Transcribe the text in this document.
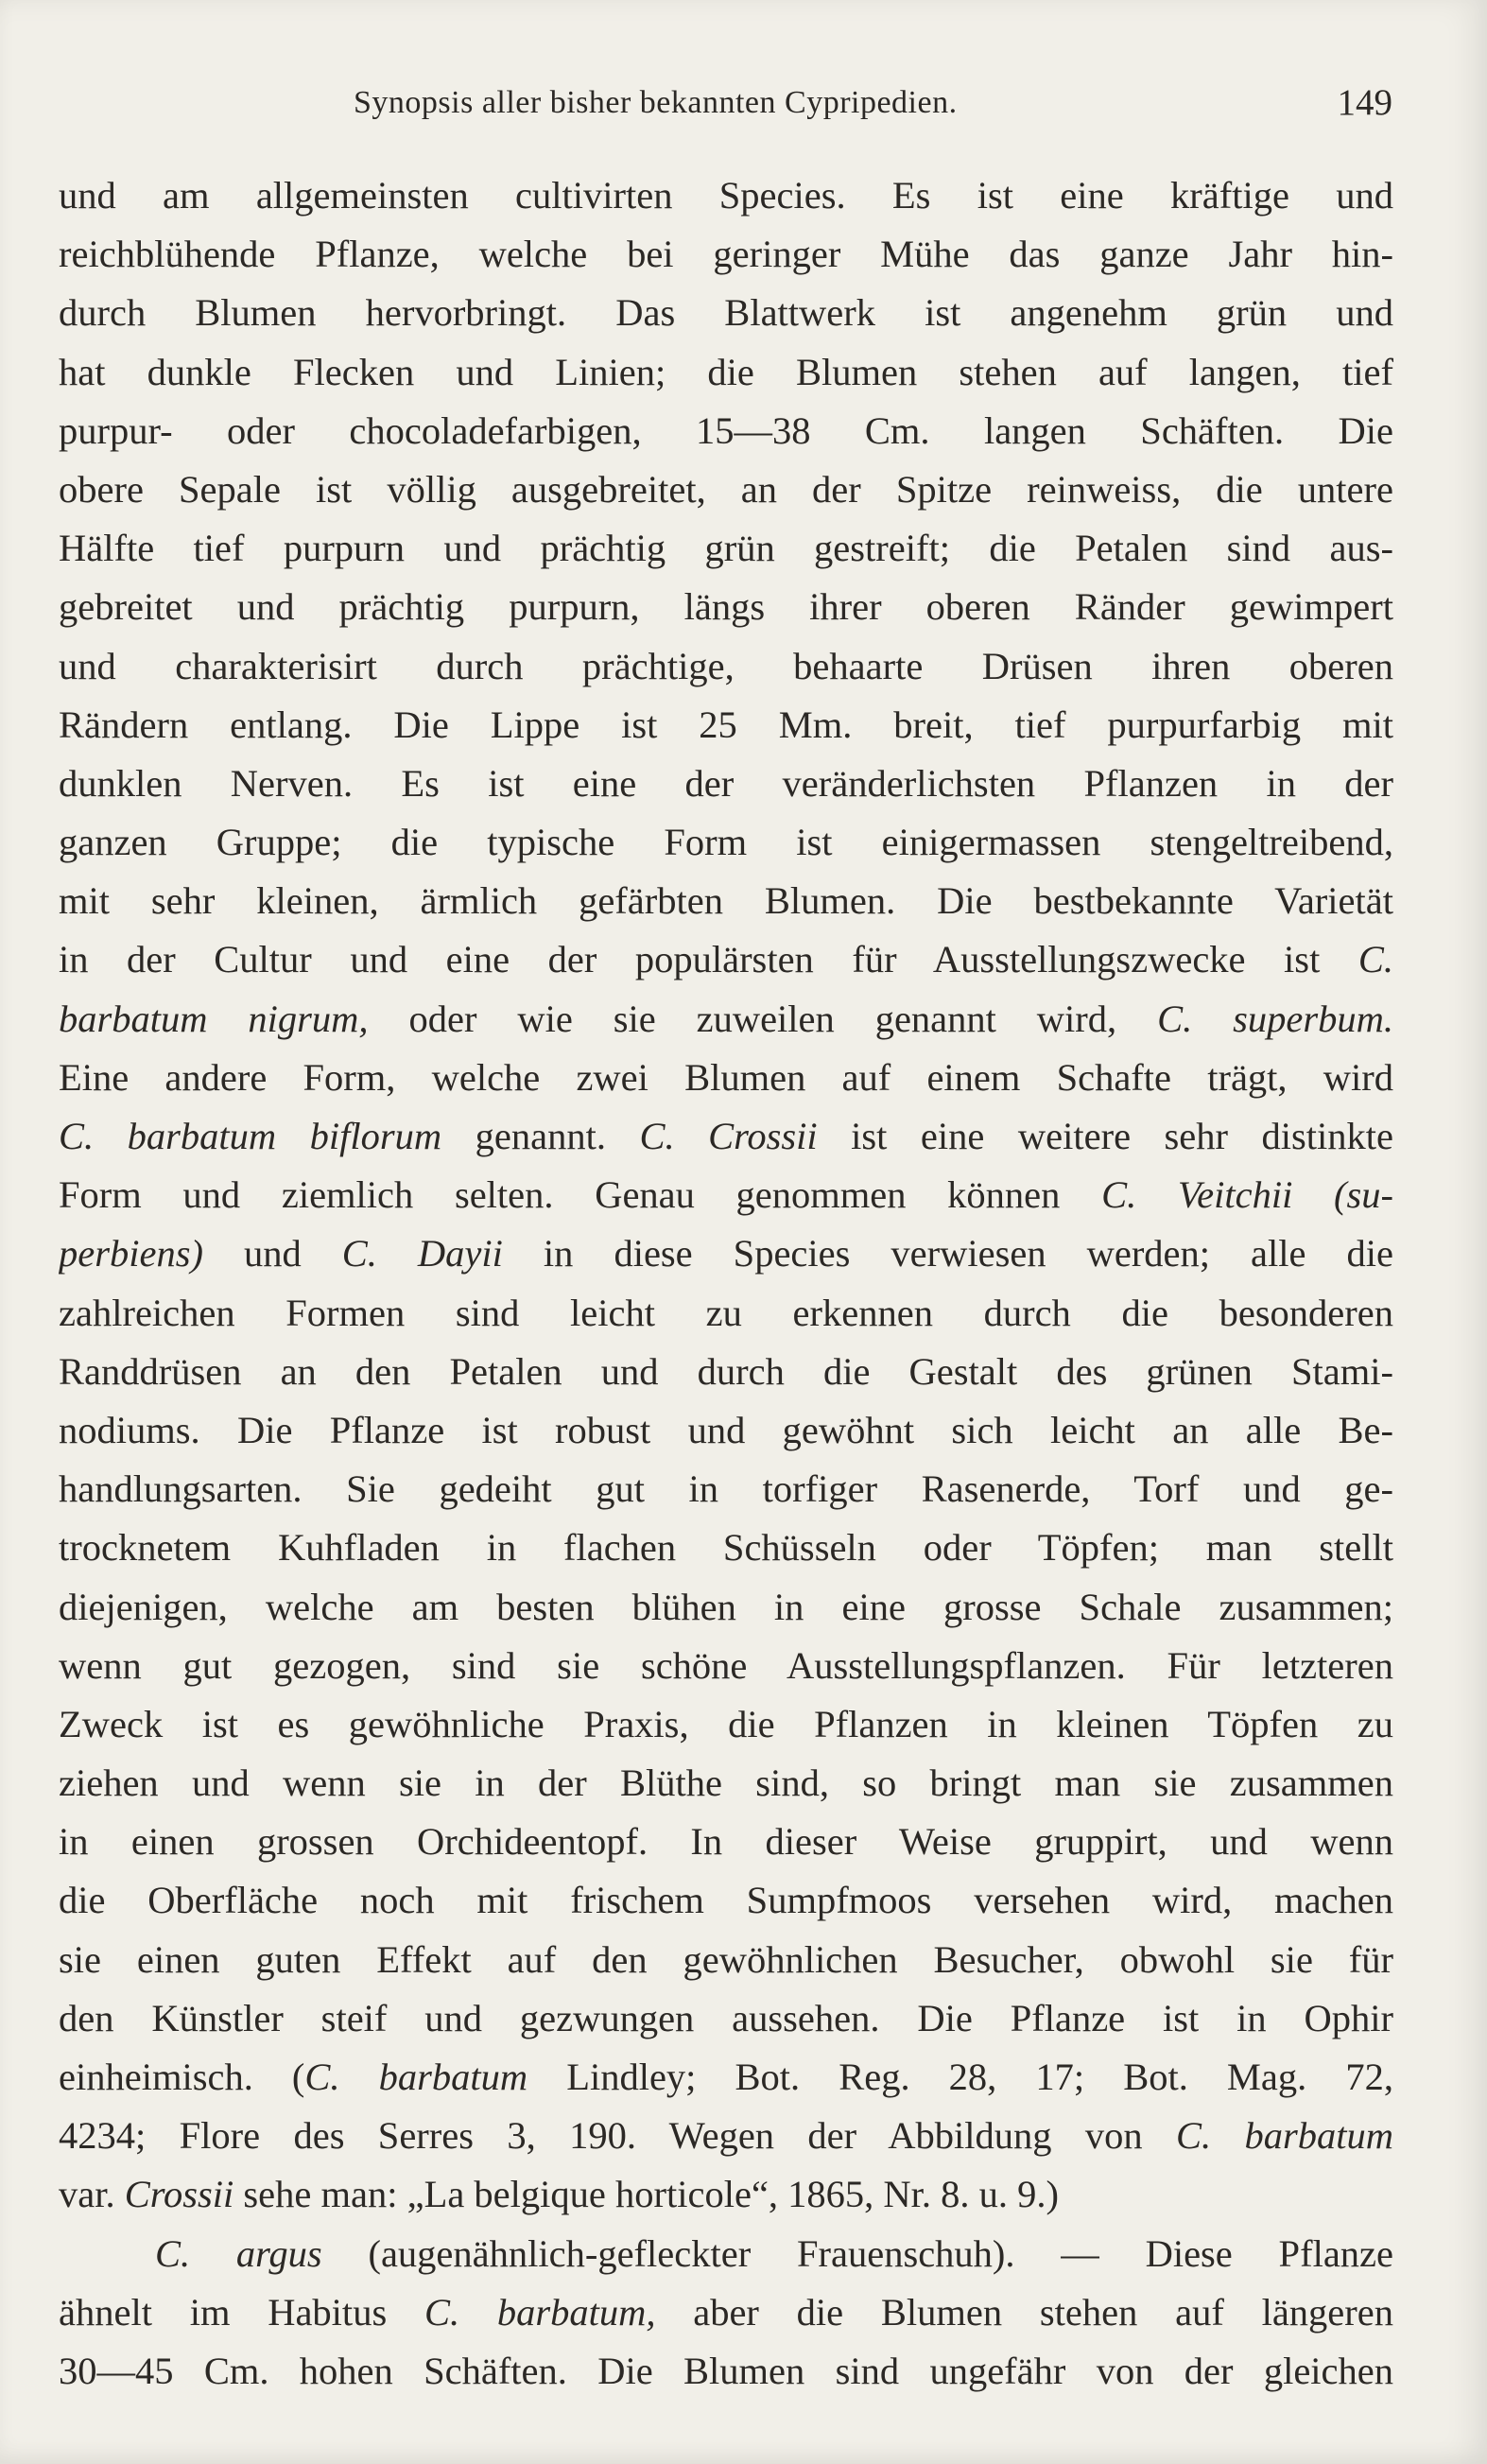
Synopsis aller bisher bekannten Cypripedien.	149
und am allgemeinsten cultivirten Species. Es ist eine kräftige und
reichblühende Pflanze, welche bei geringer Mühe das ganze Jahr hin-
durch Blumen hervorbringt. Das Blattwerk ist angenehm grün und
hat dunkle Flecken und Linien; die Blumen stehen auf langen, tief
purpur- oder chocoladefarbigen, 15—38 Cm. langen Schäften. Die
obere Sepale ist völlig ausgebreitet, an der Spitze reinweiss, die untere
Hälfte tief purpurn und prächtig grün gestreift; die Petalen sind aus-
gebreitet und prächtig purpurn, längs ihrer oberen Ränder gewimpert
und charakterisirt durch prächtige, behaarte Drüsen ihren oberen
Rändern entlang. Die Lippe ist 25 Mm. breit, tief purpurfarbig mit
dunklen Nerven. Es ist eine der veränderlichsten Pflanzen in der
ganzen Gruppe; die typische Form ist einigermassen stengeltreibend,
mit sehr kleinen, ärmlich gefärbten Blumen. Die bestbekannte Varietät
in der Cultur und eine der populärsten für Ausstellungszwecke ist C.
barbatum nigrum, oder wie sie zuweilen genannt wird, C. superbum.
Eine andere Form, welche zwei Blumen auf einem Schafte trägt, wird
C. barbatum biflorum genannt. C. Crossii ist eine weitere sehr distinkte
Form und ziemlich selten. Genau genommen können C. Veitchii (su-
perbiens) und C. Dayii in diese Species verwiesen werden; alle die
zahlreichen Formen sind leicht zu erkennen durch die besonderen
Randdrüsen an den Petalen und durch die Gestalt des grünen Stami-
nodiums. Die Pflanze ist robust und gewöhnt sich leicht an alle Be-
handlungsarten. Sie gedeiht gut in torfiger Rasenerde, Torf und ge-
trocknetem Kuhfladen in flachen Schüsseln oder Töpfen; man stellt
diejenigen, welche am besten blühen in eine grosse Schale zusammen;
wenn gut gezogen, sind sie schöne Ausstellungspflanzen. Für letzteren
Zweck ist es gewöhnliche Praxis, die Pflanzen in kleinen Töpfen zu
ziehen und wenn sie in der Blüthe sind, so bringt man sie zusammen
in einen grossen Orchideentopf. In dieser Weise gruppirt, und wenn
die Oberfläche noch mit frischem Sumpfmoos versehen wird, machen
sie einen guten Effekt auf den gewöhnlichen Besucher, obwohl sie für
den Künstler steif und gezwungen aussehen. Die Pflanze ist in Ophir
einheimisch. (C. barbatum Lindley; Bot. Reg. 28, 17; Bot. Mag. 72,
4234; Flore des Serres 3, 190. Wegen der Abbildung von C. barbatum
var. Crossii sehe man: „La belgique horticole“, 1865, Nr. 8. u. 9.)
C. argus (augenähnlich-gefleckter Frauenschuh). — Diese Pflanze
ähnelt im Habitus C. barbatum, aber die Blumen stehen auf längeren
30—45 Cm. hohen Schäften. Die Blumen sind ungefähr von der gleichen
